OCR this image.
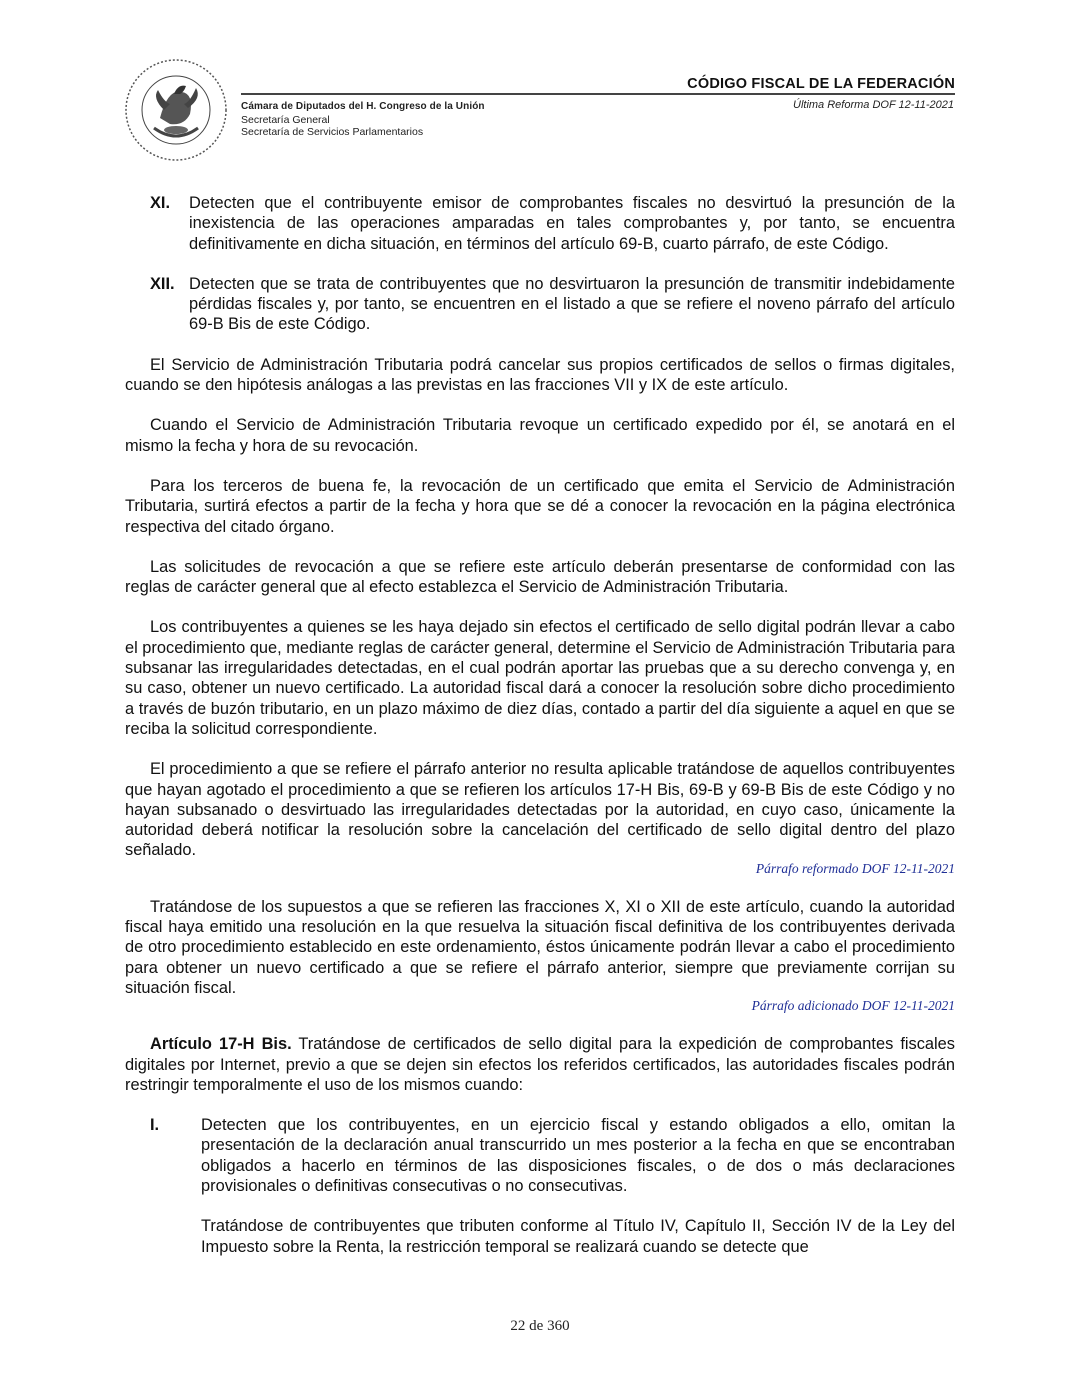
Cámara de Diputados del H. Congreso de la Unión
Secretaría General
Secretaría de Servicios Parlamentarios
CÓDIGO FISCAL DE LA FEDERACIÓN
Última Reforma DOF 12-11-2021
XI. Detecten que el contribuyente emisor de comprobantes fiscales no desvirtuó la presunción de la inexistencia de las operaciones amparadas en tales comprobantes y, por tanto, se encuentra definitivamente en dicha situación, en términos del artículo 69-B, cuarto párrafo, de este Código.
XII. Detecten que se trata de contribuyentes que no desvirtuaron la presunción de transmitir indebidamente pérdidas fiscales y, por tanto, se encuentren en el listado a que se refiere el noveno párrafo del artículo 69-B Bis de este Código.

El Servicio de Administración Tributaria podrá cancelar sus propios certificados de sellos o firmas digitales, cuando se den hipótesis análogas a las previstas en las fracciones VII y IX de este artículo.

Cuando el Servicio de Administración Tributaria revoque un certificado expedido por él, se anotará en el mismo la fecha y hora de su revocación.

Para los terceros de buena fe, la revocación de un certificado que emita el Servicio de Administración Tributaria, surtirá efectos a partir de la fecha y hora que se dé a conocer la revocación en la página electrónica respectiva del citado órgano.

Las solicitudes de revocación a que se refiere este artículo deberán presentarse de conformidad con las reglas de carácter general que al efecto establezca el Servicio de Administración Tributaria.

Los contribuyentes a quienes se les haya dejado sin efectos el certificado de sello digital podrán llevar a cabo el procedimiento que, mediante reglas de carácter general, determine el Servicio de Administración Tributaria para subsanar las irregularidades detectadas, en el cual podrán aportar las pruebas que a su derecho convenga y, en su caso, obtener un nuevo certificado. La autoridad fiscal dará a conocer la resolución sobre dicho procedimiento a través de buzón tributario, en un plazo máximo de diez días, contado a partir del día siguiente a aquel en que se reciba la solicitud correspondiente.

El procedimiento a que se refiere el párrafo anterior no resulta aplicable tratándose de aquellos contribuyentes que hayan agotado el procedimiento a que se refieren los artículos 17-H Bis, 69-B y 69-B Bis de este Código y no hayan subsanado o desvirtuado las irregularidades detectadas por la autoridad, en cuyo caso, únicamente la autoridad deberá notificar la resolución sobre la cancelación del certificado de sello digital dentro del plazo señalado.

Párrafo reformado DOF 12-11-2021

Tratándose de los supuestos a que se refieren las fracciones X, XI o XII de este artículo, cuando la autoridad fiscal haya emitido una resolución en la que resuelva la situación fiscal definitiva de los contribuyentes derivada de otro procedimiento establecido en este ordenamiento, éstos únicamente podrán llevar a cabo el procedimiento para obtener un nuevo certificado a que se refiere el párrafo anterior, siempre que previamente corrijan su situación fiscal.

Párrafo adicionado DOF 12-11-2021

Artículo 17-H Bis. Tratándose de certificados de sello digital para la expedición de comprobantes fiscales digitales por Internet, previo a que se dejen sin efectos los referidos certificados, las autoridades fiscales podrán restringir temporalmente el uso de los mismos cuando:

I.	Detecten que los contribuyentes, en un ejercicio fiscal y estando obligados a ello, omitan la presentación de la declaración anual transcurrido un mes posterior a la fecha en que se encontraban obligados a hacerlo en términos de las disposiciones fiscales, o de dos o más declaraciones provisionales o definitivas consecutivas o no consecutivas.
Tratándose de contribuyentes que tributen conforme al Título IV, Capítulo II, Sección IV de la Ley del Impuesto sobre la Renta, la restricción temporal se realizará cuando se detecte que
22 de 360
